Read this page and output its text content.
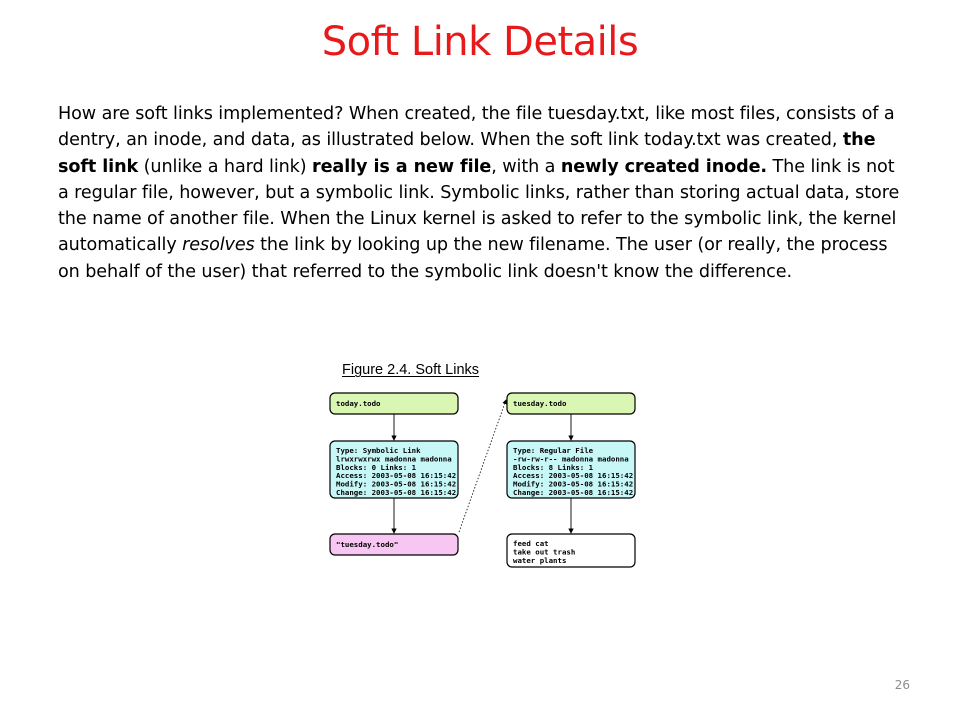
Soft Link Details
How are soft links implemented? When created, the file tuesday.txt, like most files, consists of a dentry, an inode, and data, as illustrated below. When the soft link today.txt was created, the soft link (unlike a hard link) really is a new file, with a newly created inode. The link is not a regular file, however, but a symbolic link. Symbolic links, rather than storing actual data, store the name of another file. When the Linux kernel is asked to refer to the symbolic link, the kernel automatically resolves the link by looking up the new filename. The user (or really, the process on behalf of the user) that referred to the symbolic link doesn't know the difference.
Figure 2.4. Soft Links
today.todo
Type: Symbolic Link lrwxrwxrwx madonna madonna Blocks: 0 Links: 1 Access: 2003-05-08 16:15:42 Modify: 2003-05-08 16:15:42 Change: 2003-05-08 16:15:42
"tuesday.todo"
tuesday.todo
Type: Regular File -rw-rw-r-- madonna madonna Blocks: 8 Links: 1 Access: 2003-05-08 16:15:42 Modify: 2003-05-08 16:15:42 Change: 2003-05-08 16:15:42
feed cat take out trash water plants
26
